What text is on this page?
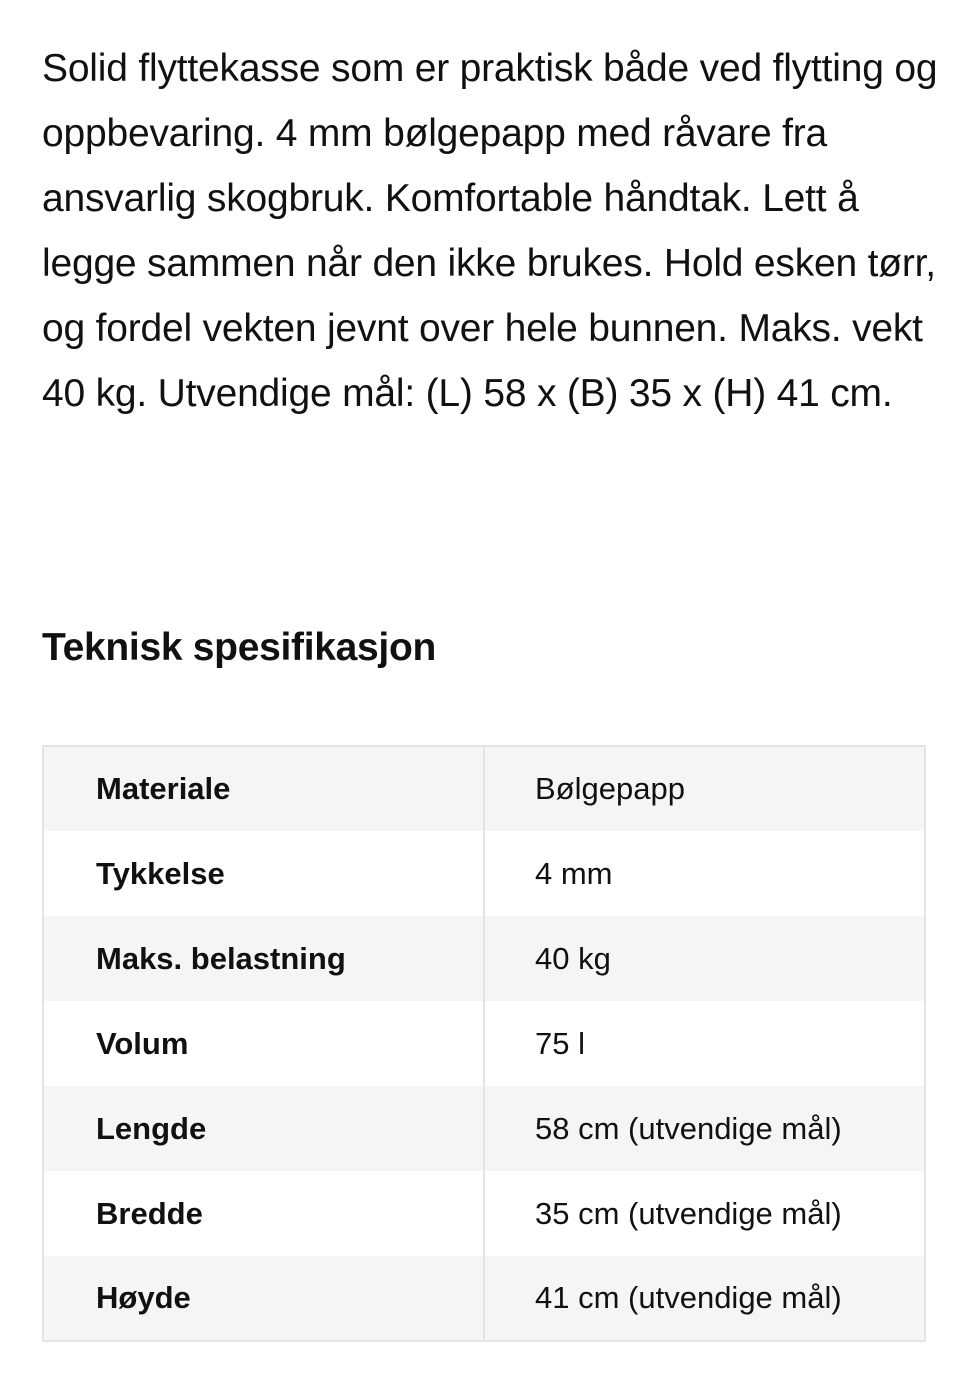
Solid flyttekasse som er praktisk både ved flytting og oppbevaring. 4 mm bølgepapp med råvare fra ansvarlig skogbruk. Komfortable håndtak. Lett å legge sammen når den ikke brukes. Hold esken tørr, og fordel vekten jevnt over hele bunnen. Maks. vekt 40 kg. Utvendige mål: (L) 58 x (B) 35 x (H) 41 cm.

Teknisk spesifikasjon
Materiale	Bølgepapp
Tykkelse	4 mm
Maks. belastning	40 kg
Volum	75 l
Lengde	58 cm (utvendige mål)
Bredde	35 cm (utvendige mål)
Høyde	41 cm (utvendige mål)
